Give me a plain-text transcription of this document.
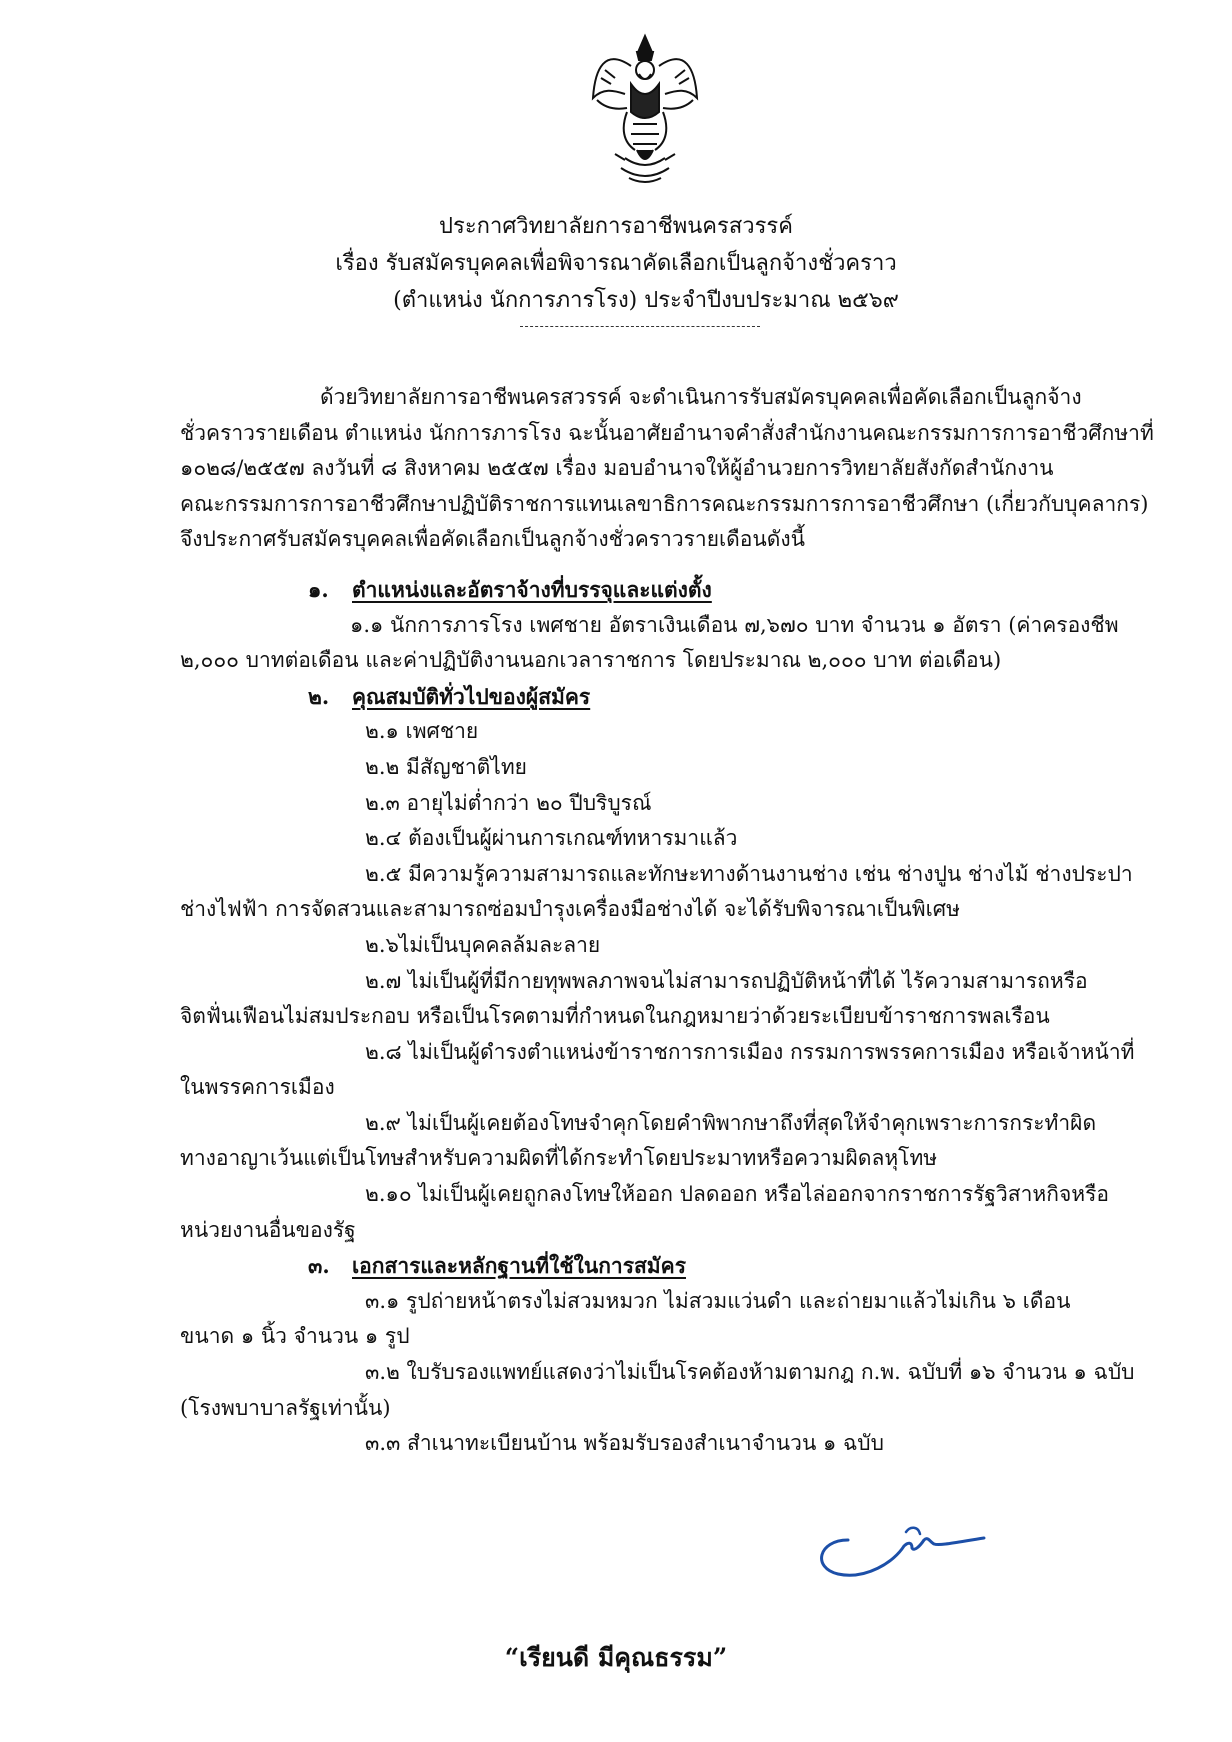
ประกาศวิทยาลัยการอาชีพนครสวรรค์
เรื่อง รับสมัครบุคคลเพื่อพิจารณาคัดเลือกเป็นลูกจ้างชั่วคราว
(ตำแหน่ง นักการภารโรง) ประจำปีงบประมาณ ๒๕๖๙
ด้วยวิทยาลัยการอาชีพนครสวรรค์ จะดำเนินการรับสมัครบุคคลเพื่อคัดเลือกเป็นลูกจ้าง
ชั่วคราวรายเดือน ตำแหน่ง นักการภารโรง ฉะนั้นอาศัยอำนาจคำสั่งสำนักงานคณะกรรมการการอาชีวศึกษาที่
๑๐๒๘/๒๕๕๗ ลงวันที่ ๘ สิงหาคม ๒๕๕๗ เรื่อง มอบอำนาจให้ผู้อำนวยการวิทยาลัยสังกัดสำนักงาน
คณะกรรมการการอาชีวศึกษาปฏิบัติราชการแทนเลขาธิการคณะกรรมการการอาชีวศึกษา (เกี่ยวกับบุคลากร)
จึงประกาศรับสมัครบุคคลเพื่อคัดเลือกเป็นลูกจ้างชั่วคราวรายเดือนดังนี้
๑. ตำแหน่งและอัตราจ้างที่บรรจุและแต่งตั้ง
๑.๑ นักการภารโรง เพศชาย อัตราเงินเดือน ๗,๖๗๐ บาท จำนวน ๑ อัตรา (ค่าครองชีพ
๒,๐๐๐ บาทต่อเดือน และค่าปฏิบัติงานนอกเวลาราชการ โดยประมาณ ๒,๐๐๐ บาท ต่อเดือน)
๒. คุณสมบัติทั่วไปของผู้สมัคร
๒.๑ เพศชาย
๒.๒ มีสัญชาติไทย
๒.๓ อายุไม่ต่ำกว่า ๒๐ ปีบริบูรณ์
๒.๔ ต้องเป็นผู้ผ่านการเกณฑ์ทหารมาแล้ว
๒.๕ มีความรู้ความสามารถและทักษะทางด้านงานช่าง เช่น ช่างปูน ช่างไม้ ช่างประปา
ช่างไฟฟ้า การจัดสวนและสามารถซ่อมบำรุงเครื่องมือช่างได้ จะได้รับพิจารณาเป็นพิเศษ
๒.๖ไม่เป็นบุคคลล้มละลาย
๒.๗ ไม่เป็นผู้ที่มีกายทุพพลภาพจนไม่สามารถปฏิบัติหน้าที่ได้ ไร้ความสามารถหรือ
จิตฟั่นเฟือนไม่สมประกอบ หรือเป็นโรคตามที่กำหนดในกฎหมายว่าด้วยระเบียบข้าราชการพลเรือน
๒.๘ ไม่เป็นผู้ดำรงตำแหน่งข้าราชการการเมือง กรรมการพรรคการเมือง หรือเจ้าหน้าที่
ในพรรคการเมือง
๒.๙ ไม่เป็นผู้เคยต้องโทษจำคุกโดยคำพิพากษาถึงที่สุดให้จำคุกเพราะการกระทำผิด
ทางอาญาเว้นแต่เป็นโทษสำหรับความผิดที่ได้กระทำโดยประมาทหรือความผิดลหุโทษ
๒.๑๐ ไม่เป็นผู้เคยถูกลงโทษให้ออก ปลดออก หรือไล่ออกจากราชการรัฐวิสาหกิจหรือ
หน่วยงานอื่นของรัฐ
๓. เอกสารและหลักฐานที่ใช้ในการสมัคร
๓.๑ รูปถ่ายหน้าตรงไม่สวมหมวก ไม่สวมแว่นดำ และถ่ายมาแล้วไม่เกิน ๖ เดือน
ขนาด ๑ นิ้ว จำนวน ๑ รูป
๓.๒ ใบรับรองแพทย์แสดงว่าไม่เป็นโรคต้องห้ามตามกฎ ก.พ. ฉบับที่ ๑๖ จำนวน ๑ ฉบับ
(โรงพบาบาลรัฐเท่านั้น)
๓.๓ สำเนาทะเบียนบ้าน พร้อมรับรองสำเนาจำนวน ๑ ฉบับ
“เรียนดี มีคุณธรรม”
